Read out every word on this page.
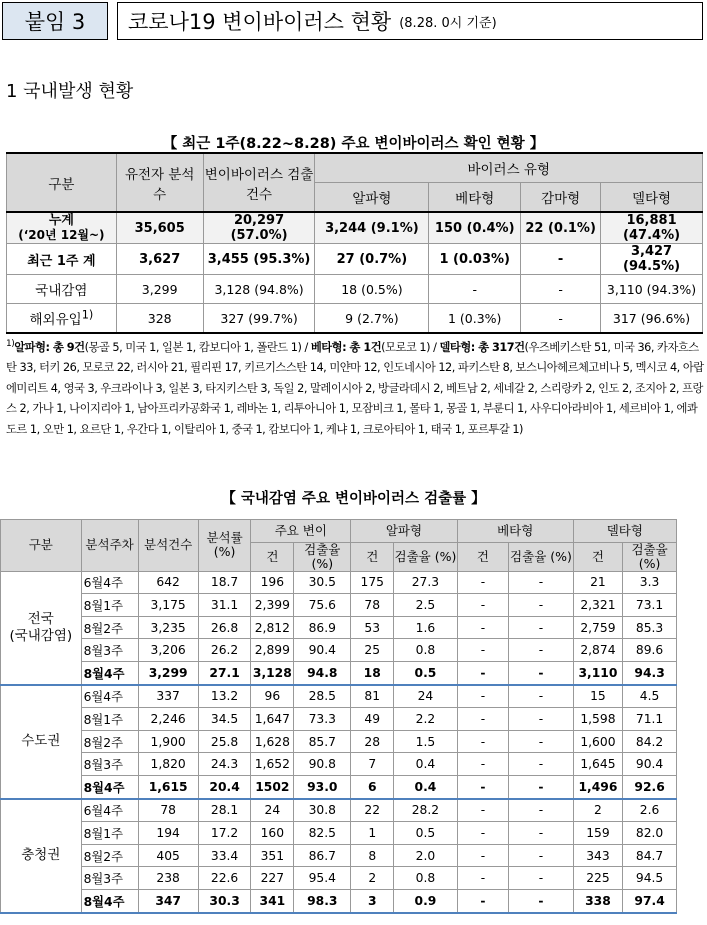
붙임 3 코로나19 변이바이러스 현황 (8.28. 0시 기준)
1 국내발생 현황
【 최근 1주(8.22~8.28) 주요 변이바이러스 확인 현황 】
구분	유전자 분석 수	변이바이러스 검출 건수	바이러스 유형			
			알파형	베타형	감마형	델타형

누계
(‘20년 12월~)	35,605	20,297 (57.0%)	3,244 (9.1%)	150 (0.4%)	22 (0.1%)	16,881 (47.4%)
최근 1주 계	3,627	3,455 (95.3%)	27 (0.7%)	1 (0.03%)	-	3,427 (94.5%)
국내감염	3,299	3,128 (94.8%)	18 (0.5%)	-	-	3,110 (94.3%)
해외유입$^{1)}$	328	327 (99.7%)	9 (2.7%)	1 (0.3%)	-	317 (96.6%)
$^{1)}$알파형: 총 9건(몽골 5, 미국 1, 일본 1, 캄보디아 1, 폴란드 1) / 베타형: 총 1건(모로코 1) / 델타형: 총 317건(우즈베키스탄 51, 미국 36, 카자흐스탄 33, 터키 26, 모로코 22, 러시아 21, 필리핀 17, 키르기스스탄 14, 미얀마 12, 인도네시아 12, 파키스탄 8, 보스니아헤르체고비나 5, 멕시코 4, 아랍에미리트 4, 영국 3, 우크라이나 3, 일본 3, 타지키스탄 3, 독일 2, 말레이시아 2, 방글라데시 2, 베트남 2, 세네갈 2, 스리랑카 2, 인도 2, 조지아 2, 프랑스 2, 가나 1, 나이지리아 1, 남아프리카공화국 1, 레바논 1, 리투아니아 1, 모잠비크 1, 몰타 1, 몽골 1, 부룬디 1, 사우디아라비아 1, 세르비아 1, 에콰도르 1, 오만 1, 요르단 1, 우간다 1, 이탈리아 1, 중국 1, 캄보디아 1, 케냐 1, 크로아티아 1, 태국 1, 포르투갈 1)
【 국내감염 주요 변이바이러스 검출률 】
구분	분석주차	분석건수	분석률 (%)	주요 변이		알파형		베타형		델타형	
				건	검출율 (%)	건	검출율 (%)	건	검출율 (%)	건	검출율 (%)

전국
(국내감염)	6월4주	642	18.7	196	30.5	175	27.3	-	-	21	3.3
	8월1주	3,175	31.1	2,399	75.6	78	2.5	-	-	2,321	73.1
	8월2주	3,235	26.8	2,812	86.9	53	1.6	-	-	2,759	85.3
	8월3주	3,206	26.2	2,899	90.4	25	0.8	-	-	2,874	89.6
	8월4주	3,299	27.1	3,128	94.8	18	0.5	-	-	3,110	94.3

수도권	6월4주	337	13.2	96	28.5	81	24	-	-	15	4.5
	8월1주	2,246	34.5	1,647	73.3	49	2.2	-	-	1,598	71.1
	8월2주	1,900	25.8	1,628	85.7	28	1.5	-	-	1,600	84.2
	8월3주	1,820	24.3	1,652	90.8	7	0.4	-	-	1,645	90.4
	8월4주	1,615	20.4	1502	93.0	6	0.4	-	-	1,496	92.6

충청권	6월4주	78	28.1	24	30.8	22	28.2	-	-	2	2.6
	8월1주	194	17.2	160	82.5	1	0.5	-	-	159	82.0
	8월2주	405	33.4	351	86.7	8	2.0	-	-	343	84.7
	8월3주	238	22.6	227	95.4	2	0.8	-	-	225	94.5
	8월4주	347	30.3	341	98.3	3	0.9	-	-	338	97.4
